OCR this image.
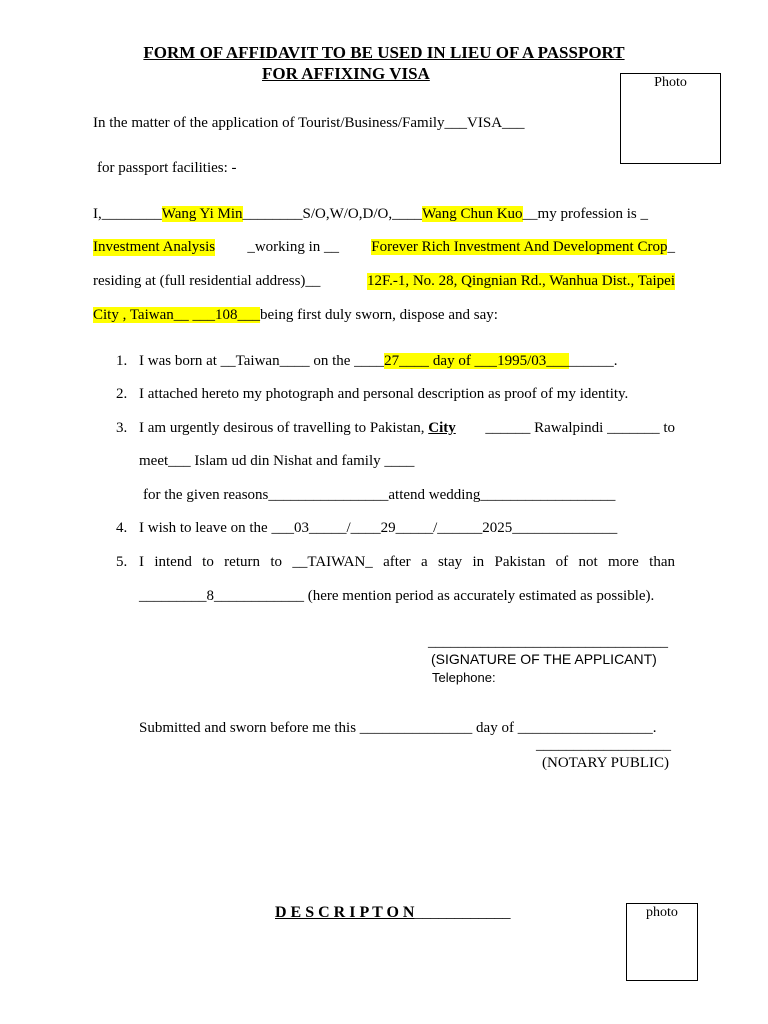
FORM OF AFFIDAVIT TO BE USED IN LIEU OF A PASSPORT
FOR AFFIXING VISA	Photo
In the matter of the application of Tourist/Business/Family___VISA___
for passport facilities: -
I,________Wang Yi Min________S/O,W/O,D/O,____Wang Chun Kuo__my profession is _
Investment Analysis _working in __ Forever Rich Investment And Development Crop_
residing at (full residential address)__	12F.-1, No. 28, Qingnian Rd., Wanhua Dist., Taipei
City , Taiwan__ ___108___being first duly sworn, dispose and say:
1. I was born at __Taiwan____ on the ____27____ day of ___1995/03_________.
2. I attached hereto my photograph and personal description as proof of my identity.
3. I am urgently desirous of travelling to Pakistan, City ______ Rawalpindi _______ to
meet___ Islam ud din Nishat and family ____
for the given reasons________________attend wedding__________________
4. I wish to leave on the ___03_____/____29_____/______2025______________
5. I intend to return to __TAIWAN_ after a stay in Pakistan of not more than
_________8____________ (here mention period as accurately estimated as possible).
________________________________
(SIGNATURE OF THE APPLICANT)
Telephone:
Submitted and sworn before me this _______________ day of __________________.
__________________
(NOTARY PUBLIC)
D E S C R I P T O N____________	photo
